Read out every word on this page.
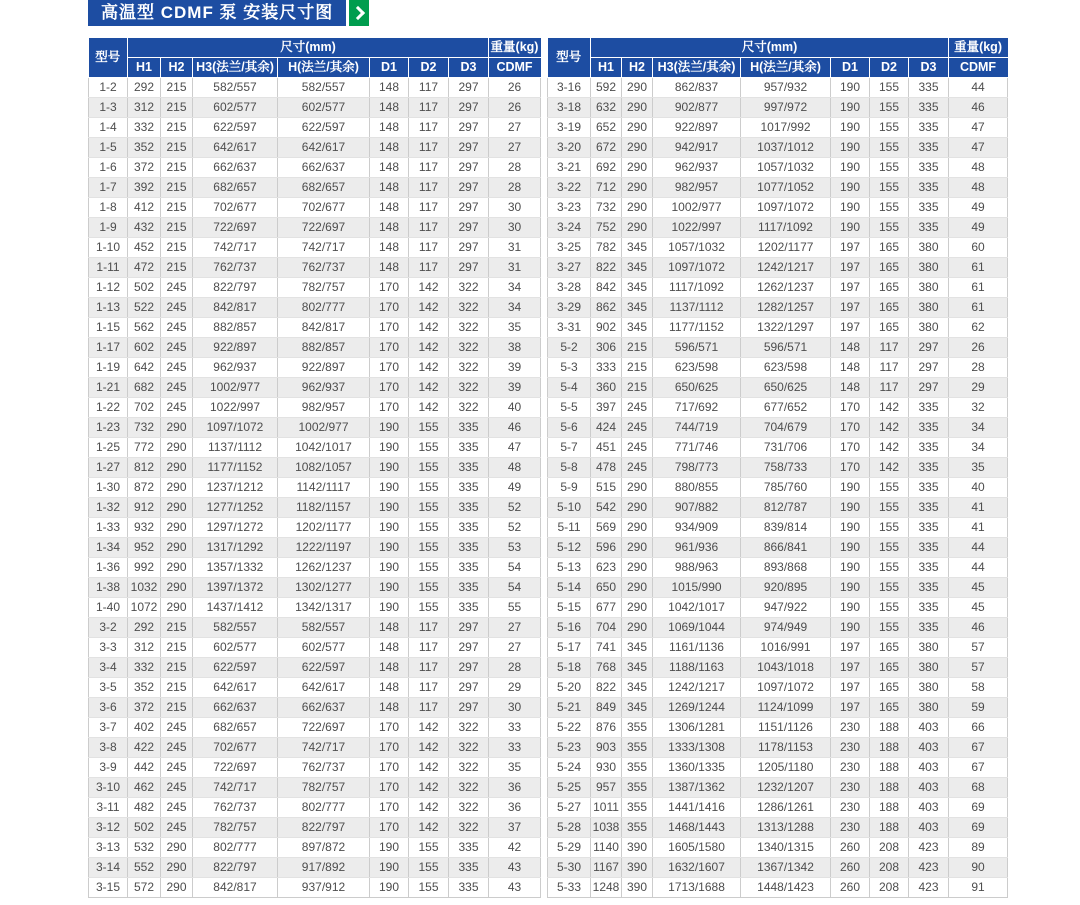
高温型 CDMF 泵 安装尺寸图
型号	尺寸(mm)							重量(kg)
	H1	H2	H3(法兰/其余)	H(法兰/其余)	D1	D2	D3	CDMF
1-2	292	215	582/557	582/557	148	117	297	26
1-3	312	215	602/577	602/577	148	117	297	26
1-4	332	215	622/597	622/597	148	117	297	27
1-5	352	215	642/617	642/617	148	117	297	27
1-6	372	215	662/637	662/637	148	117	297	28
1-7	392	215	682/657	682/657	148	117	297	28
1-8	412	215	702/677	702/677	148	117	297	30
1-9	432	215	722/697	722/697	148	117	297	30
1-10	452	215	742/717	742/717	148	117	297	31
1-11	472	215	762/737	762/737	148	117	297	31
1-12	502	245	822/797	782/757	170	142	322	34
1-13	522	245	842/817	802/777	170	142	322	34
1-15	562	245	882/857	842/817	170	142	322	35
1-17	602	245	922/897	882/857	170	142	322	38
1-19	642	245	962/937	922/897	170	142	322	39
1-21	682	245	1002/977	962/937	170	142	322	39
1-22	702	245	1022/997	982/957	170	142	322	40
1-23	732	290	1097/1072	1002/977	190	155	335	46
1-25	772	290	1137/1112	1042/1017	190	155	335	47
1-27	812	290	1177/1152	1082/1057	190	155	335	48
1-30	872	290	1237/1212	1142/1117	190	155	335	49
1-32	912	290	1277/1252	1182/1157	190	155	335	52
1-33	932	290	1297/1272	1202/1177	190	155	335	52
1-34	952	290	1317/1292	1222/1197	190	155	335	53
1-36	992	290	1357/1332	1262/1237	190	155	335	54
1-38	1032	290	1397/1372	1302/1277	190	155	335	54
1-40	1072	290	1437/1412	1342/1317	190	155	335	55
3-2	292	215	582/557	582/557	148	117	297	27
3-3	312	215	602/577	602/577	148	117	297	27
3-4	332	215	622/597	622/597	148	117	297	28
3-5	352	215	642/617	642/617	148	117	297	29
3-6	372	215	662/637	662/637	148	117	297	30
3-7	402	245	682/657	722/697	170	142	322	33
3-8	422	245	702/677	742/717	170	142	322	33
3-9	442	245	722/697	762/737	170	142	322	35
3-10	462	245	742/717	782/757	170	142	322	36
3-11	482	245	762/737	802/777	170	142	322	36
3-12	502	245	782/757	822/797	170	142	322	37
3-13	532	290	802/777	897/872	190	155	335	42
3-14	552	290	822/797	917/892	190	155	335	43
3-15	572	290	842/817	937/912	190	155	335	43
型号	尺寸(mm)							重量(kg)
	H1	H2	H3(法兰/其余)	H(法兰/其余)	D1	D2	D3	CDMF
3-16	592	290	862/837	957/932	190	155	335	44
3-18	632	290	902/877	997/972	190	155	335	46
3-19	652	290	922/897	1017/992	190	155	335	47
3-20	672	290	942/917	1037/1012	190	155	335	47
3-21	692	290	962/937	1057/1032	190	155	335	48
3-22	712	290	982/957	1077/1052	190	155	335	48
3-23	732	290	1002/977	1097/1072	190	155	335	49
3-24	752	290	1022/997	1117/1092	190	155	335	49
3-25	782	345	1057/1032	1202/1177	197	165	380	60
3-27	822	345	1097/1072	1242/1217	197	165	380	61
3-28	842	345	1117/1092	1262/1237	197	165	380	61
3-29	862	345	1137/1112	1282/1257	197	165	380	61
3-31	902	345	1177/1152	1322/1297	197	165	380	62
5-2	306	215	596/571	596/571	148	117	297	26
5-3	333	215	623/598	623/598	148	117	297	28
5-4	360	215	650/625	650/625	148	117	297	29
5-5	397	245	717/692	677/652	170	142	335	32
5-6	424	245	744/719	704/679	170	142	335	34
5-7	451	245	771/746	731/706	170	142	335	34
5-8	478	245	798/773	758/733	170	142	335	35
5-9	515	290	880/855	785/760	190	155	335	40
5-10	542	290	907/882	812/787	190	155	335	41
5-11	569	290	934/909	839/814	190	155	335	41
5-12	596	290	961/936	866/841	190	155	335	44
5-13	623	290	988/963	893/868	190	155	335	44
5-14	650	290	1015/990	920/895	190	155	335	45
5-15	677	290	1042/1017	947/922	190	155	335	45
5-16	704	290	1069/1044	974/949	190	155	335	46
5-17	741	345	1161/1136	1016/991	197	165	380	57
5-18	768	345	1188/1163	1043/1018	197	165	380	57
5-20	822	345	1242/1217	1097/1072	197	165	380	58
5-21	849	345	1269/1244	1124/1099	197	165	380	59
5-22	876	355	1306/1281	1151/1126	230	188	403	66
5-23	903	355	1333/1308	1178/1153	230	188	403	67
5-24	930	355	1360/1335	1205/1180	230	188	403	67
5-25	957	355	1387/1362	1232/1207	230	188	403	68
5-27	1011	355	1441/1416	1286/1261	230	188	403	69
5-28	1038	355	1468/1443	1313/1288	230	188	403	69
5-29	1140	390	1605/1580	1340/1315	260	208	423	89
5-30	1167	390	1632/1607	1367/1342	260	208	423	90
5-33	1248	390	1713/1688	1448/1423	260	208	423	91
